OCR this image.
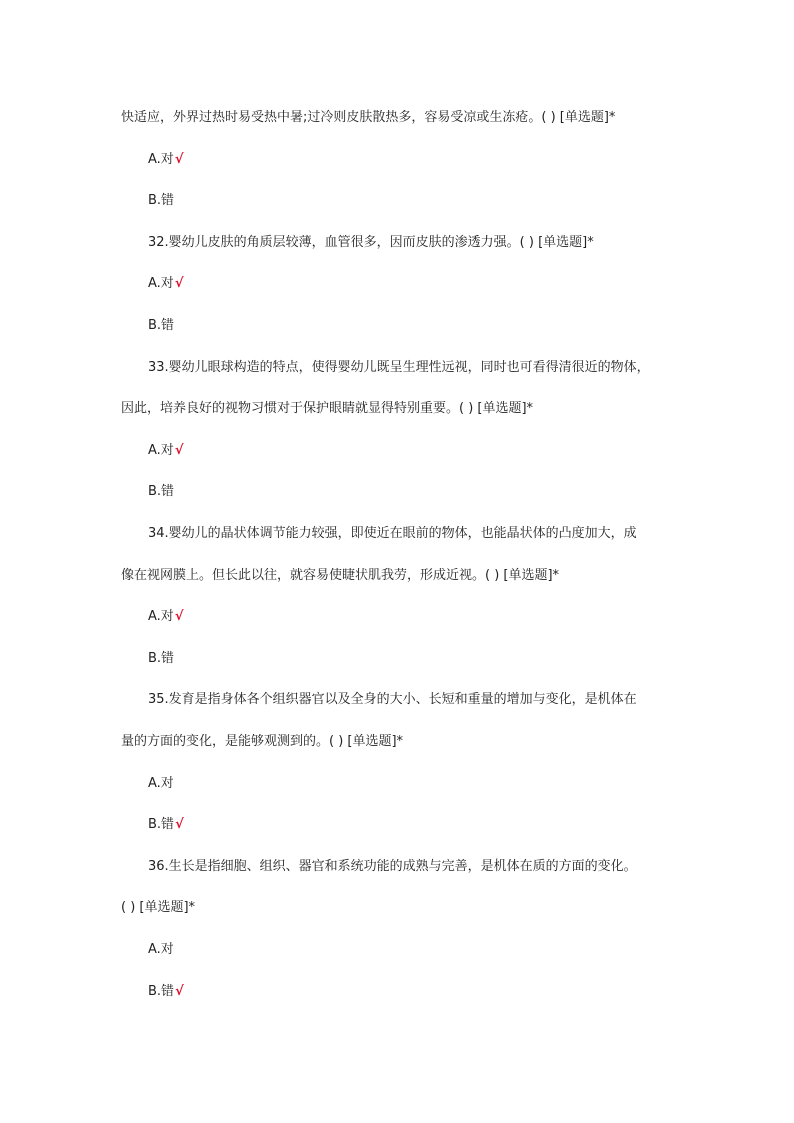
快适应，外界过热时易受热中暑;过冷则皮肤散热多，容易受凉或生冻疮。( ) [单选题]*
A.对√
B.错
32.婴幼儿皮肤的角质层较薄，血管很多，因而皮肤的渗透力强。( ) [单选题]*
A.对√
B.错
33.婴幼儿眼球构造的特点，使得婴幼儿既呈生理性远视，同时也可看得清很近的物体，
因此，培养良好的视物习惯对于保护眼睛就显得特别重要。( ) [单选题]*
A.对√
B.错
34.婴幼儿的晶状体调节能力较强，即使近在眼前的物体，也能晶状体的凸度加大，成
像在视网膜上。但长此以往，就容易使睫状肌我劳，形成近视。( ) [单选题]*
A.对√
B.错
35.发育是指身体各个组织器官以及全身的大小、长短和重量的增加与变化，是机体在
量的方面的变化，是能够观测到的。( ) [单选题]*
A.对
B.错√
36.生长是指细胞、组织、器官和系统功能的成熟与完善，是机体在质的方面的变化。
( ) [单选题]*
A.对
B.错√
